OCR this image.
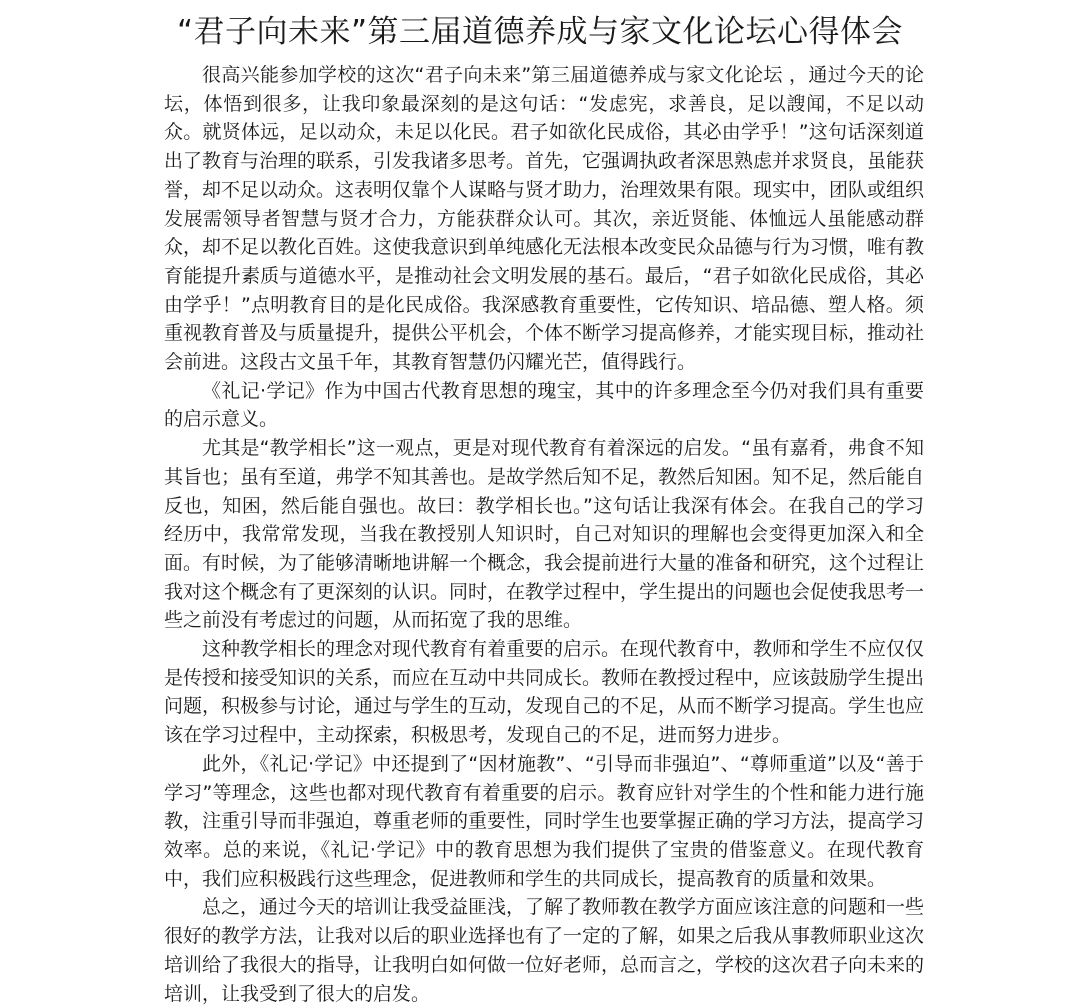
“君子向未来”第三届道德养成与家文化论坛心得体会

很高兴能参加学校的这次“君子向未来”第三届道德养成与家文化论坛 ，通过今天的论坛，体悟到很多，让我印象最深刻的是这句话：“发虑宪，求善良，足以謏闻，不足以动众。就贤体远，足以动众，未足以化民。君子如欲化民成俗，其必由学乎！”这句话深刻道出了教育与治理的联系，引发我诸多思考。首先，它强调执政者深思熟虑并求贤良，虽能获誉，却不足以动众。这表明仅靠个人谋略与贤才助力，治理效果有限。现实中，团队或组织发展需领导者智慧与贤才合力，方能获群众认可。其次，亲近贤能、体恤远人虽能感动群众，却不足以教化百姓。这使我意识到单纯感化无法根本改变民众品德与行为习惯，唯有教育能提升素质与道德水平，是推动社会文明发展的基石。最后，“君子如欲化民成俗，其必由学乎！”点明教育目的是化民成俗。我深感教育重要性，它传知识、培品德、塑人格。须重视教育普及与质量提升，提供公平机会，个体不断学习提高修养，才能实现目标，推动社会前进。这段古文虽千年，其教育智慧仍闪耀光芒，值得践行。

《礼记·学记》作为中国古代教育思想的瑰宝，其中的许多理念至今仍对我们具有重要的启示意义。

尤其是“教学相长”这一观点，更是对现代教育有着深远的启发。“虽有嘉肴，弗食不知其旨也；虽有至道，弗学不知其善也。是故学然后知不足，教然后知困。知不足，然后能自反也，知困，然后能自强也。故曰：教学相长也。”这句话让我深有体会。在我自己的学习经历中，我常常发现，当我在教授别人知识时，自己对知识的理解也会变得更加深入和全面。有时候，为了能够清晰地讲解一个概念，我会提前进行大量的准备和研究，这个过程让我对这个概念有了更深刻的认识。同时，在教学过程中，学生提出的问题也会促使我思考一些之前没有考虑过的问题，从而拓宽了我的思维。

这种教学相长的理念对现代教育有着重要的启示。在现代教育中，教师和学生不应仅仅是传授和接受知识的关系，而应在互动中共同成长。教师在教授过程中，应该鼓励学生提出问题，积极参与讨论，通过与学生的互动，发现自己的不足，从而不断学习提高。学生也应该在学习过程中，主动探索，积极思考，发现自己的不足，进而努力进步。

此外，《礼记·学记》中还提到了“因材施教”、“引导而非强迫”、“尊师重道”以及“善于学习”等理念，这些也都对现代教育有着重要的启示。教育应针对学生的个性和能力进行施教，注重引导而非强迫，尊重老师的重要性，同时学生也要掌握正确的学习方法，提高学习效率。总的来说，《礼记·学记》中的教育思想为我们提供了宝贵的借鉴意义。在现代教育中，我们应积极践行这些理念，促进教师和学生的共同成长，提高教育的质量和效果。

总之，通过今天的培训让我受益匪浅，了解了教师教在教学方面应该注意的问题和一些很好的教学方法，让我对以后的职业选择也有了一定的了解，如果之后我从事教师职业这次培训给了我很大的指导，让我明白如何做一位好老师，总而言之，学校的这次君子向未来的培训，让我受到了很大的启发。
